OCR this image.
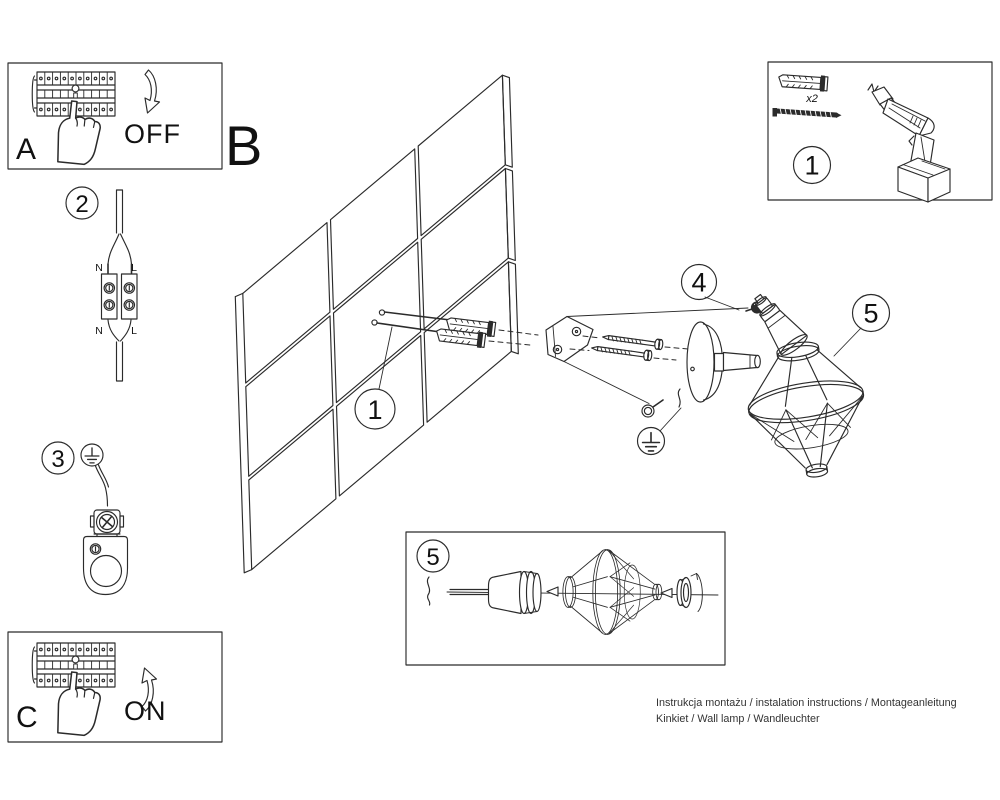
A	OFF
2
N	L
N	L
3
C	ON
B
1
4
5
x2
1
5
Instrukcja montażu / instalation instructions / Montageanleitung
Kinkiet / Wall lamp / Wandleuchter
